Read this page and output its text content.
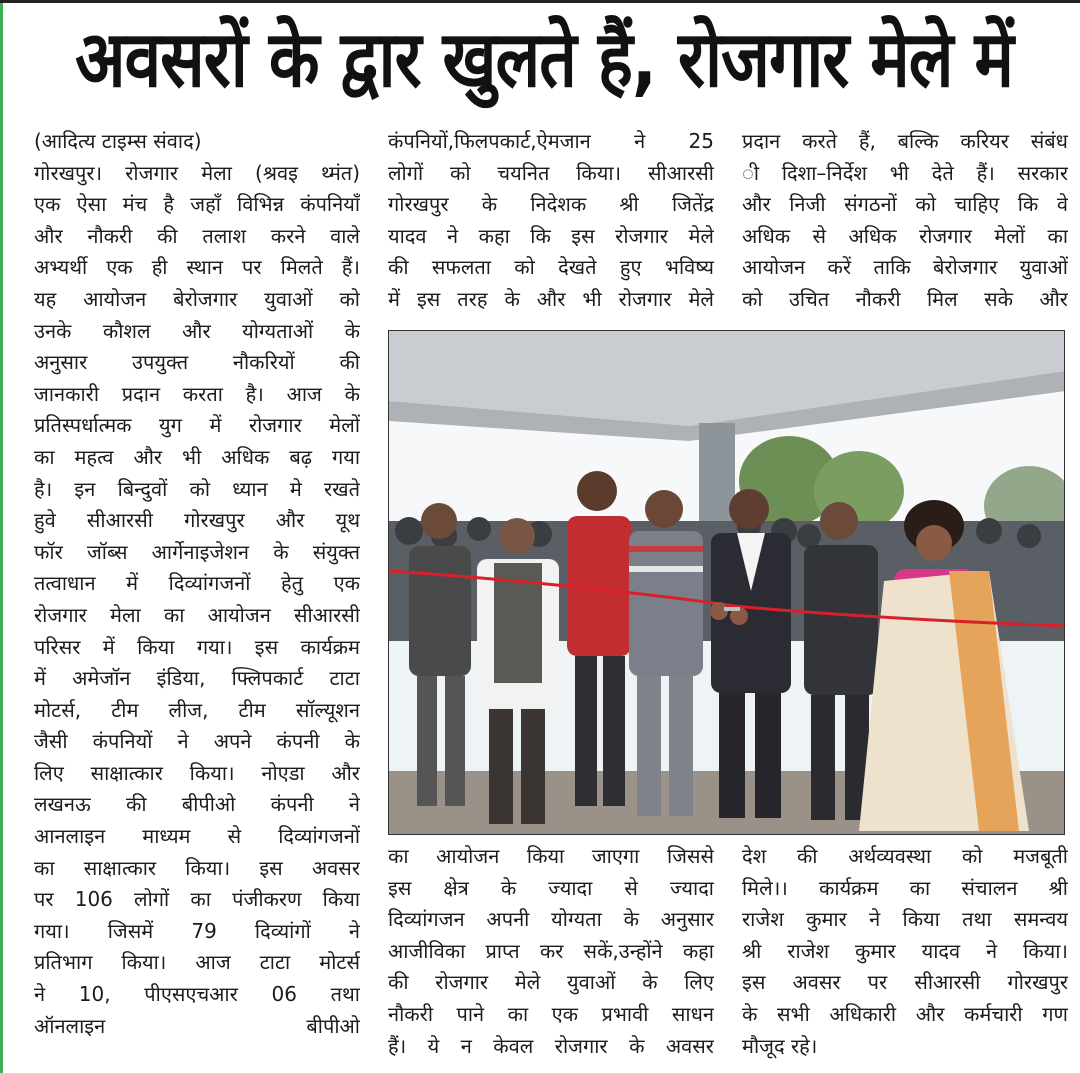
अवसरों के द्वार खुलते हैं, रोजगार मेले में
(आदित्य टाइम्स संवाद)
गोरखपुर। रोजगार मेला (श्रवइ थ्मंत)
एक ऐसा मंच है जहाँ विभिन्न कंपनियाँ
और नौकरी की तलाश करने वाले
अभ्यर्थी एक ही स्थान पर मिलते हैं।
यह आयोजन बेरोजगार युवाओं को
उनके कौशल और योग्यताओं के
अनुसार उपयुक्त नौकरियों की
जानकारी प्रदान करता है। आज के
प्रतिस्पर्धात्मक युग में रोजगार मेलों
का महत्व और भी अधिक बढ़ गया
है। इन बिन्दुवों को ध्यान मे रखते
हुवे सीआरसी गोरखपुर और यूथ
फॉर जॉब्स आर्गेनाइजेशन के संयुक्त
तत्वाधान में दिव्यांगजनों हेतु एक
रोजगार मेला का आयोजन सीआरसी
परिसर में किया गया। इस कार्यक्रम
में अमेजॉन इंडिया, फ्लिपकार्ट टाटा
मोटर्स, टीम लीज, टीम सॉल्यूशन
जैसी कंपनियों ने अपने कंपनी के
लिए साक्षात्कार किया। नोएडा और
लखनऊ की बीपीओ कंपनी ने
आनलाइन माध्यम से दिव्यांगजनों
का साक्षात्कार किया। इस अवसर
पर 106 लोगों का पंजीकरण किया
गया। जिसमें 79 दिव्यांगों ने
प्रतिभाग किया। आज टाटा मोटर्स
ने 10, पीएसएचआर 06 तथा
ऑनलाइन बीपीओ
कंपनियों,फिलपकार्ट,ऐमजान ने 25
लोगों को चयनित किया। सीआरसी
गोरखपुर के निदेशक श्री जितेंद्र
यादव ने कहा कि इस रोजगार मेले
की सफलता को देखते हुए भविष्य
में इस तरह के और भी रोजगार मेले
प्रदान करते हैं, बल्कि करियर संबंध
ी दिशा–निर्देश भी देते हैं। सरकार
और निजी संगठनों को चाहिए कि वे
अधिक से अधिक रोजगार मेलों का
आयोजन करें ताकि बेरोजगार युवाओं
को उचित नौकरी मिल सके और
का आयोजन किया जाएगा जिससे
इस क्षेत्र के ज्यादा से ज्यादा
दिव्यांगजन अपनी योग्यता के अनुसार
आजीविका प्राप्त कर सकें,उन्होंने कहा
की रोजगार मेले युवाओं के लिए
नौकरी पाने का एक प्रभावी साधन
हैं। ये न केवल रोजगार के अवसर
देश की अर्थव्यवस्था को मजबूती
मिले।। कार्यक्रम का संचालन श्री
राजेश कुमार ने किया तथा समन्वय
श्री राजेश कुमार यादव ने किया।
इस अवसर पर सीआरसी गोरखपुर
के सभी अधिकारी और कर्मचारी गण
मौजूद रहे।
